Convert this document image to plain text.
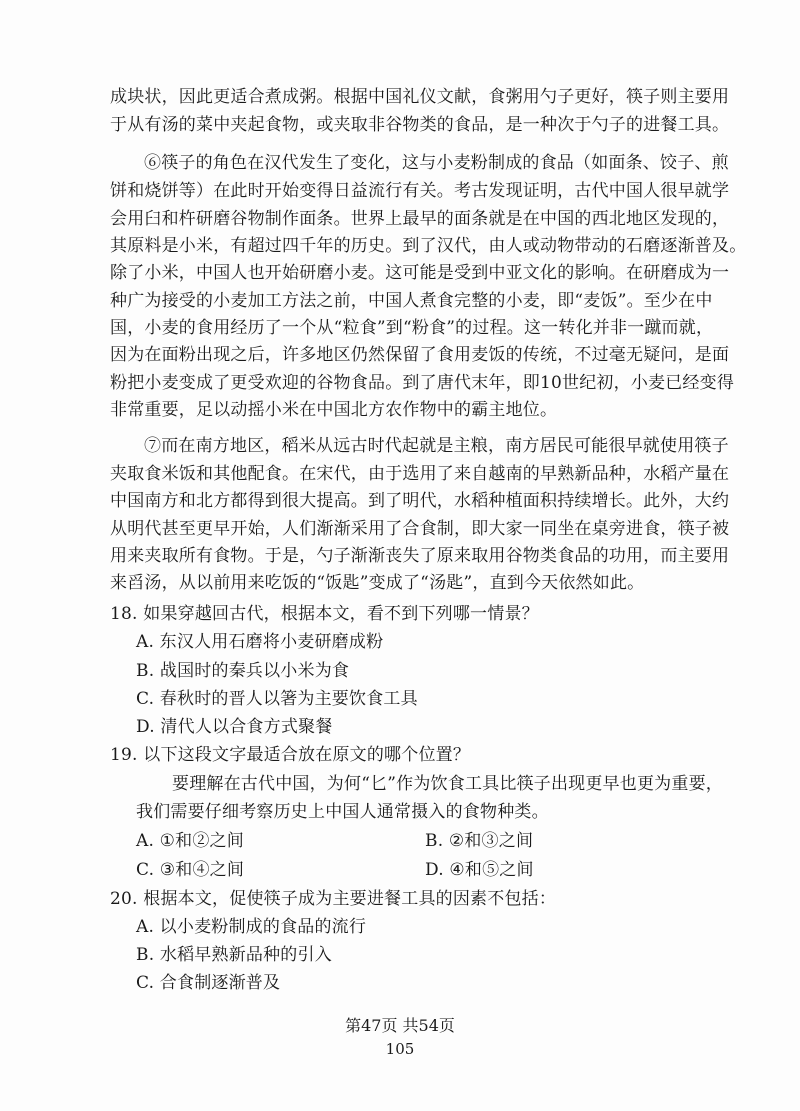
成块状，因此更适合煮成粥。根据中国礼仪文献，食粥用勺子更好，筷子则主要用
于从有汤的菜中夹起食物，或夹取非谷物类的食品，是一种次于勺子的进餐工具。
⑥筷子的角色在汉代发生了变化，这与小麦粉制成的食品（如面条、饺子、煎
饼和烧饼等）在此时开始变得日益流行有关。考古发现证明，古代中国人很早就学
会用臼和杵研磨谷物制作面条。世界上最早的面条就是在中国的西北地区发现的，
其原料是小米，有超过四千年的历史。到了汉代，由人或动物带动的石磨逐渐普及。
除了小米，中国人也开始研磨小麦。这可能是受到中亚文化的影响。在研磨成为一
种广为接受的小麦加工方法之前，中国人煮食完整的小麦，即“麦饭”。至少在中
国，小麦的食用经历了一个从“粒食”到“粉食”的过程。这一转化并非一蹴而就，
因为在面粉出现之后，许多地区仍然保留了食用麦饭的传统，不过毫无疑问，是面
粉把小麦变成了更受欢迎的谷物食品。到了唐代末年，即10世纪初，小麦已经变得
非常重要，足以动摇小米在中国北方农作物中的霸主地位。
⑦而在南方地区，稻米从远古时代起就是主粮，南方居民可能很早就使用筷子
夹取食米饭和其他配食。在宋代，由于选用了来自越南的早熟新品种，水稻产量在
中国南方和北方都得到很大提高。到了明代，水稻种植面积持续增长。此外，大约
从明代甚至更早开始，人们渐渐采用了合食制，即大家一同坐在桌旁进食，筷子被
用来夹取所有食物。于是，勺子渐渐丧失了原来取用谷物类食品的功用，而主要用
来舀汤，从以前用来吃饭的“饭匙”变成了“汤匙”，直到今天依然如此。
18. 如果穿越回古代，根据本文，看不到下列哪一情景？
A. 东汉人用石磨将小麦研磨成粉
B. 战国时的秦兵以小米为食
C. 春秋时的晋人以箸为主要饮食工具
D. 清代人以合食方式聚餐
19. 以下这段文字最适合放在原文的哪个位置？
要理解在古代中国，为何“匕”作为饮食工具比筷子出现更早也更为重要，
我们需要仔细考察历史上中国人通常摄入的食物种类。
A. ①和②之间	B. ②和③之间
C. ③和④之间	D. ④和⑤之间
20. 根据本文，促使筷子成为主要进餐工具的因素不包括：
A. 以小麦粉制成的食品的流行
B. 水稻早熟新品种的引入
C. 合食制逐渐普及
第47页 共54页
105
